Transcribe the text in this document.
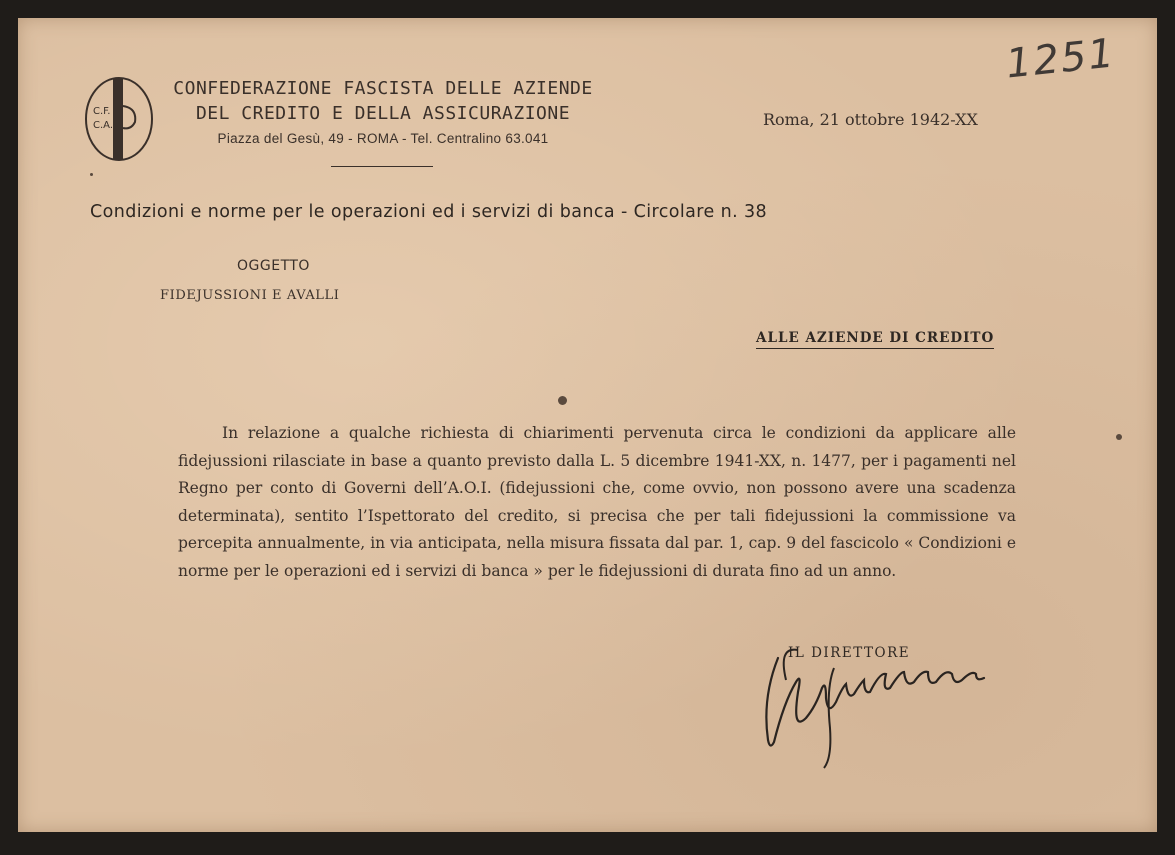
C.F.
C.A.
CONFEDERAZIONE FASCISTA DELLE AZIENDE
DEL CREDITO E DELLA ASSICURAZIONE
Piazza del Gesù, 49 - ROMA - Tel. Centralino 63.041
Roma, 21 ottobre 1942-XX
1251
Condizioni e norme per le operazioni ed i servizi di banca - Circolare n. 38
OGGETTO
FIDEJUSSIONI E AVALLI
ALLE AZIENDE DI CREDITO

In relazione a qualche richiesta di chiarimenti pervenuta circa le condizioni da applicare alle fidejussioni rilasciate in base a quanto previsto dalla L. 5 dicembre 1941-XX, n. 1477, per i pagamenti nel Regno per conto di Governi dell’A.O.I. (fidejussioni che, come ovvio, non possono avere una scadenza determinata), sentito l’Ispettorato del credito, si precisa che per tali fidejussioni la commissione va percepita annualmente, in via anticipata, nella misura fissata dal par. 1, cap. 9 del fascicolo « Condizioni e norme per le operazioni ed i servizi di banca » per le fidejussioni di durata fino ad un anno.

IL DIRETTORE
